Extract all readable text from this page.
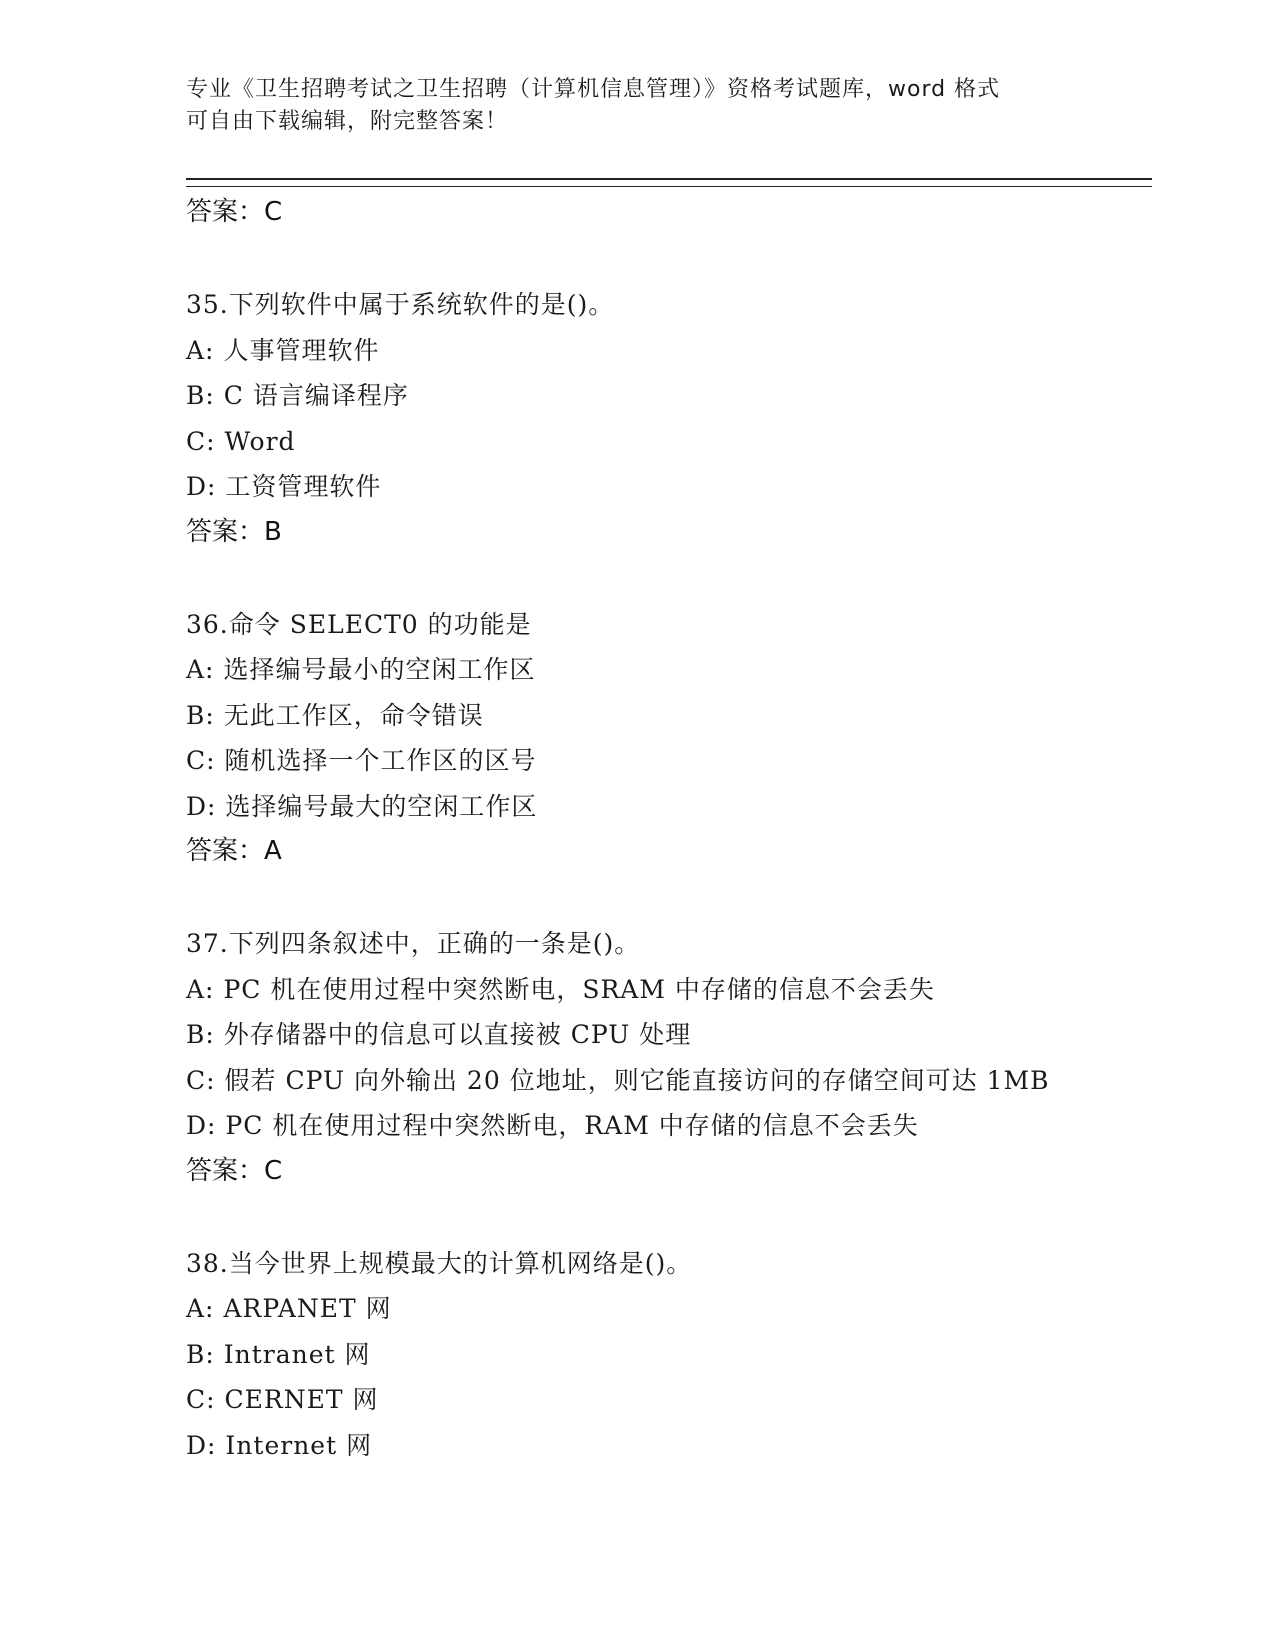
专业《卫生招聘考试之卫生招聘（计算机信息管理）》资格考试题库，word 格式
可自由下载编辑，附完整答案！
答案：C
35.下列软件中属于系统软件的是()。
A: 人事管理软件
B: C 语言编译程序
C: Word
D: 工资管理软件
答案：B
36.命令 SELECT0 的功能是
A: 选择编号最小的空闲工作区
B: 无此工作区，命令错误
C: 随机选择一个工作区的区号
D: 选择编号最大的空闲工作区
答案：A
37.下列四条叙述中，正确的一条是()。
A: PC 机在使用过程中突然断电，SRAM 中存储的信息不会丢失
B: 外存储器中的信息可以直接被 CPU 处理
C: 假若 CPU 向外输出 20 位地址，则它能直接访问的存储空间可达 1MB
D: PC 机在使用过程中突然断电，RAM 中存储的信息不会丢失
答案：C
38.当今世界上规模最大的计算机网络是()。
A: ARPANET 网
B: Intranet 网
C: CERNET 网
D: Internet 网
